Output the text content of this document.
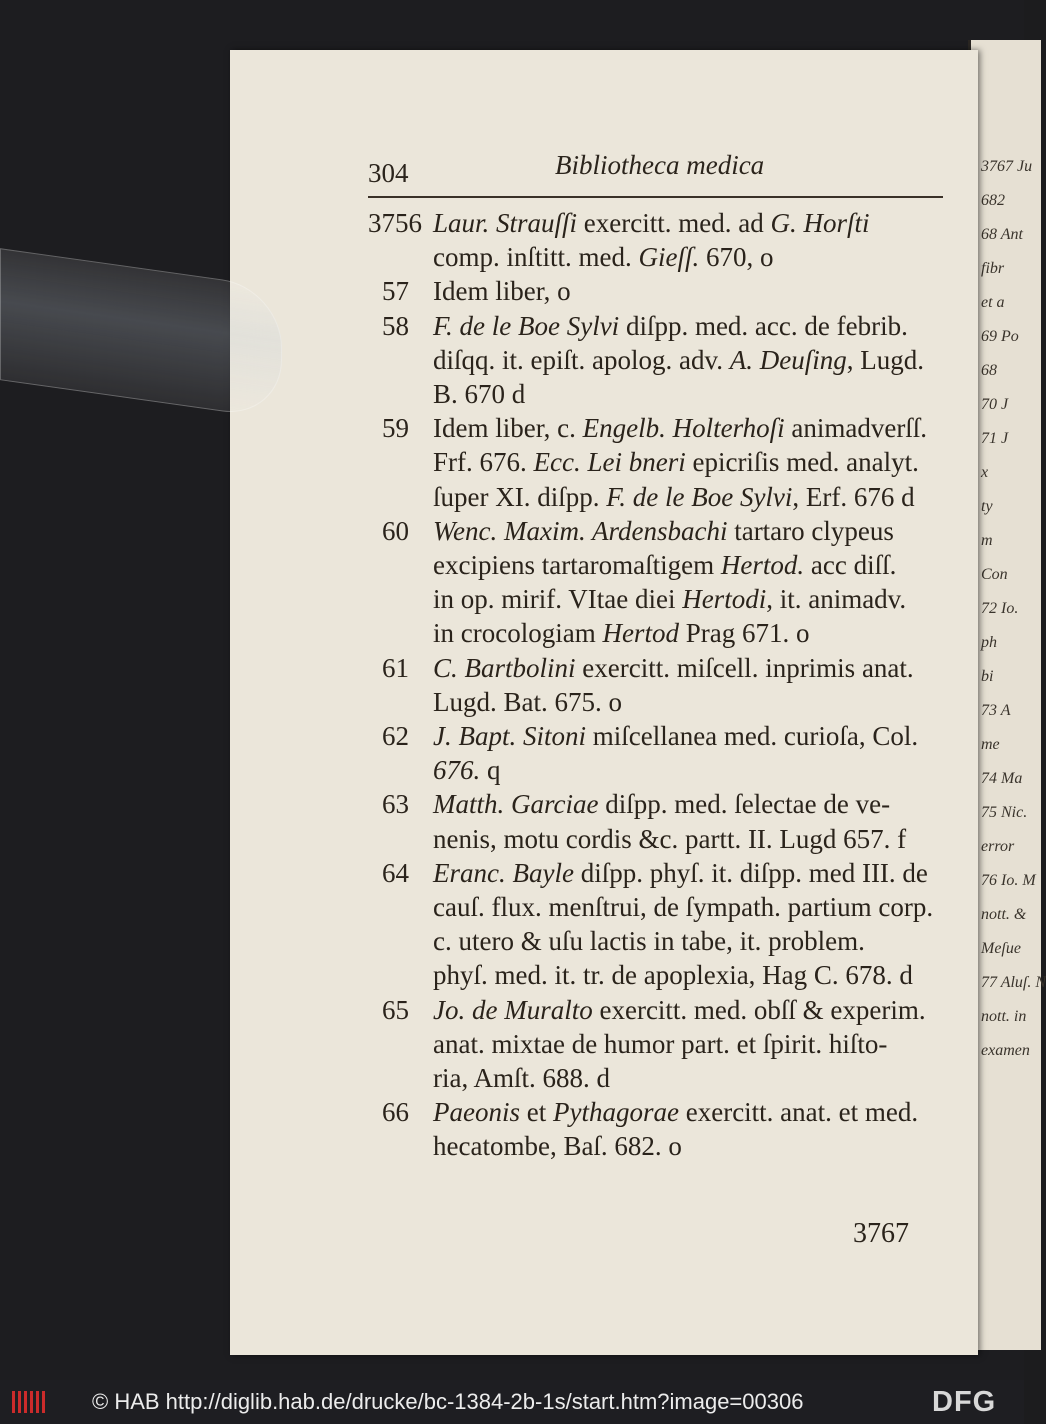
3767 Ju
682
68 Ant
fibr
et a
69 Po
68
70 J
71 J
x
ty
m
Con
72 Io.
ph
bi
73 A
me
74 Ma
75 Nic.
error
76 Io. M
nott. &
Meſue
77 Aluſ. N
nott. in
examen
304	Bibliotheca medica
3756 Laur. Strauſſi exercitt. med. ad G. Horſti
comp. inſtitt. med. Gieſſ. 670, o
57 Idem liber, o
58 F. de le Boe Sylvi diſpp. med. acc. de febrib.
diſqq. it. epiſt. apolog. adv. A. Deuſing, Lugd.
B. 670 d
59 Idem liber, c. Engelb. Holterhoſi animadverſſ.
Frf. 676. Ecc. Lei bneri epicriſis med. analyt.
ſuper XI. diſpp. F. de le Boe Sylvi, Erf. 676 d
60 Wenc. Maxim. Ardensbachi tartaro clypeus
excipiens tartaromaſtigem Hertod. acc diſſ.
in op. mirif. VItae diei Hertodi, it. animadv.
in crocologiam Hertod Prag 671. o
61 C. Bartbolini exercitt. miſcell. inprimis anat.
Lugd. Bat. 675. o
62 J. Bapt. Sitoni miſcellanea med. curioſa, Col.
676. q
63 Matth. Garciae diſpp. med. ſelectae de ve-
nenis, motu cordis &c. partt. II. Lugd 657. f
64 Eranc. Bayle diſpp. phyſ. it. diſpp. med III. de
cauſ. flux. menſtrui, de ſympath. partium corp.
c. utero & uſu lactis in tabe, it. problem.
phyſ. med. it. tr. de apoplexia, Hag C. 678. d
65 Jo. de Muralto exercitt. med. obſſ & experim.
anat. mixtae de humor part. et ſpirit. hiſto-
ria, Amſt. 688. d
66 Paeonis et Pythagorae exercitt. anat. et med.
hecatombe, Baſ. 682. o
3767
© HAB http://diglib.hab.de/drucke/bc-1384-2b-1s/start.htm?image=00306	DFG
